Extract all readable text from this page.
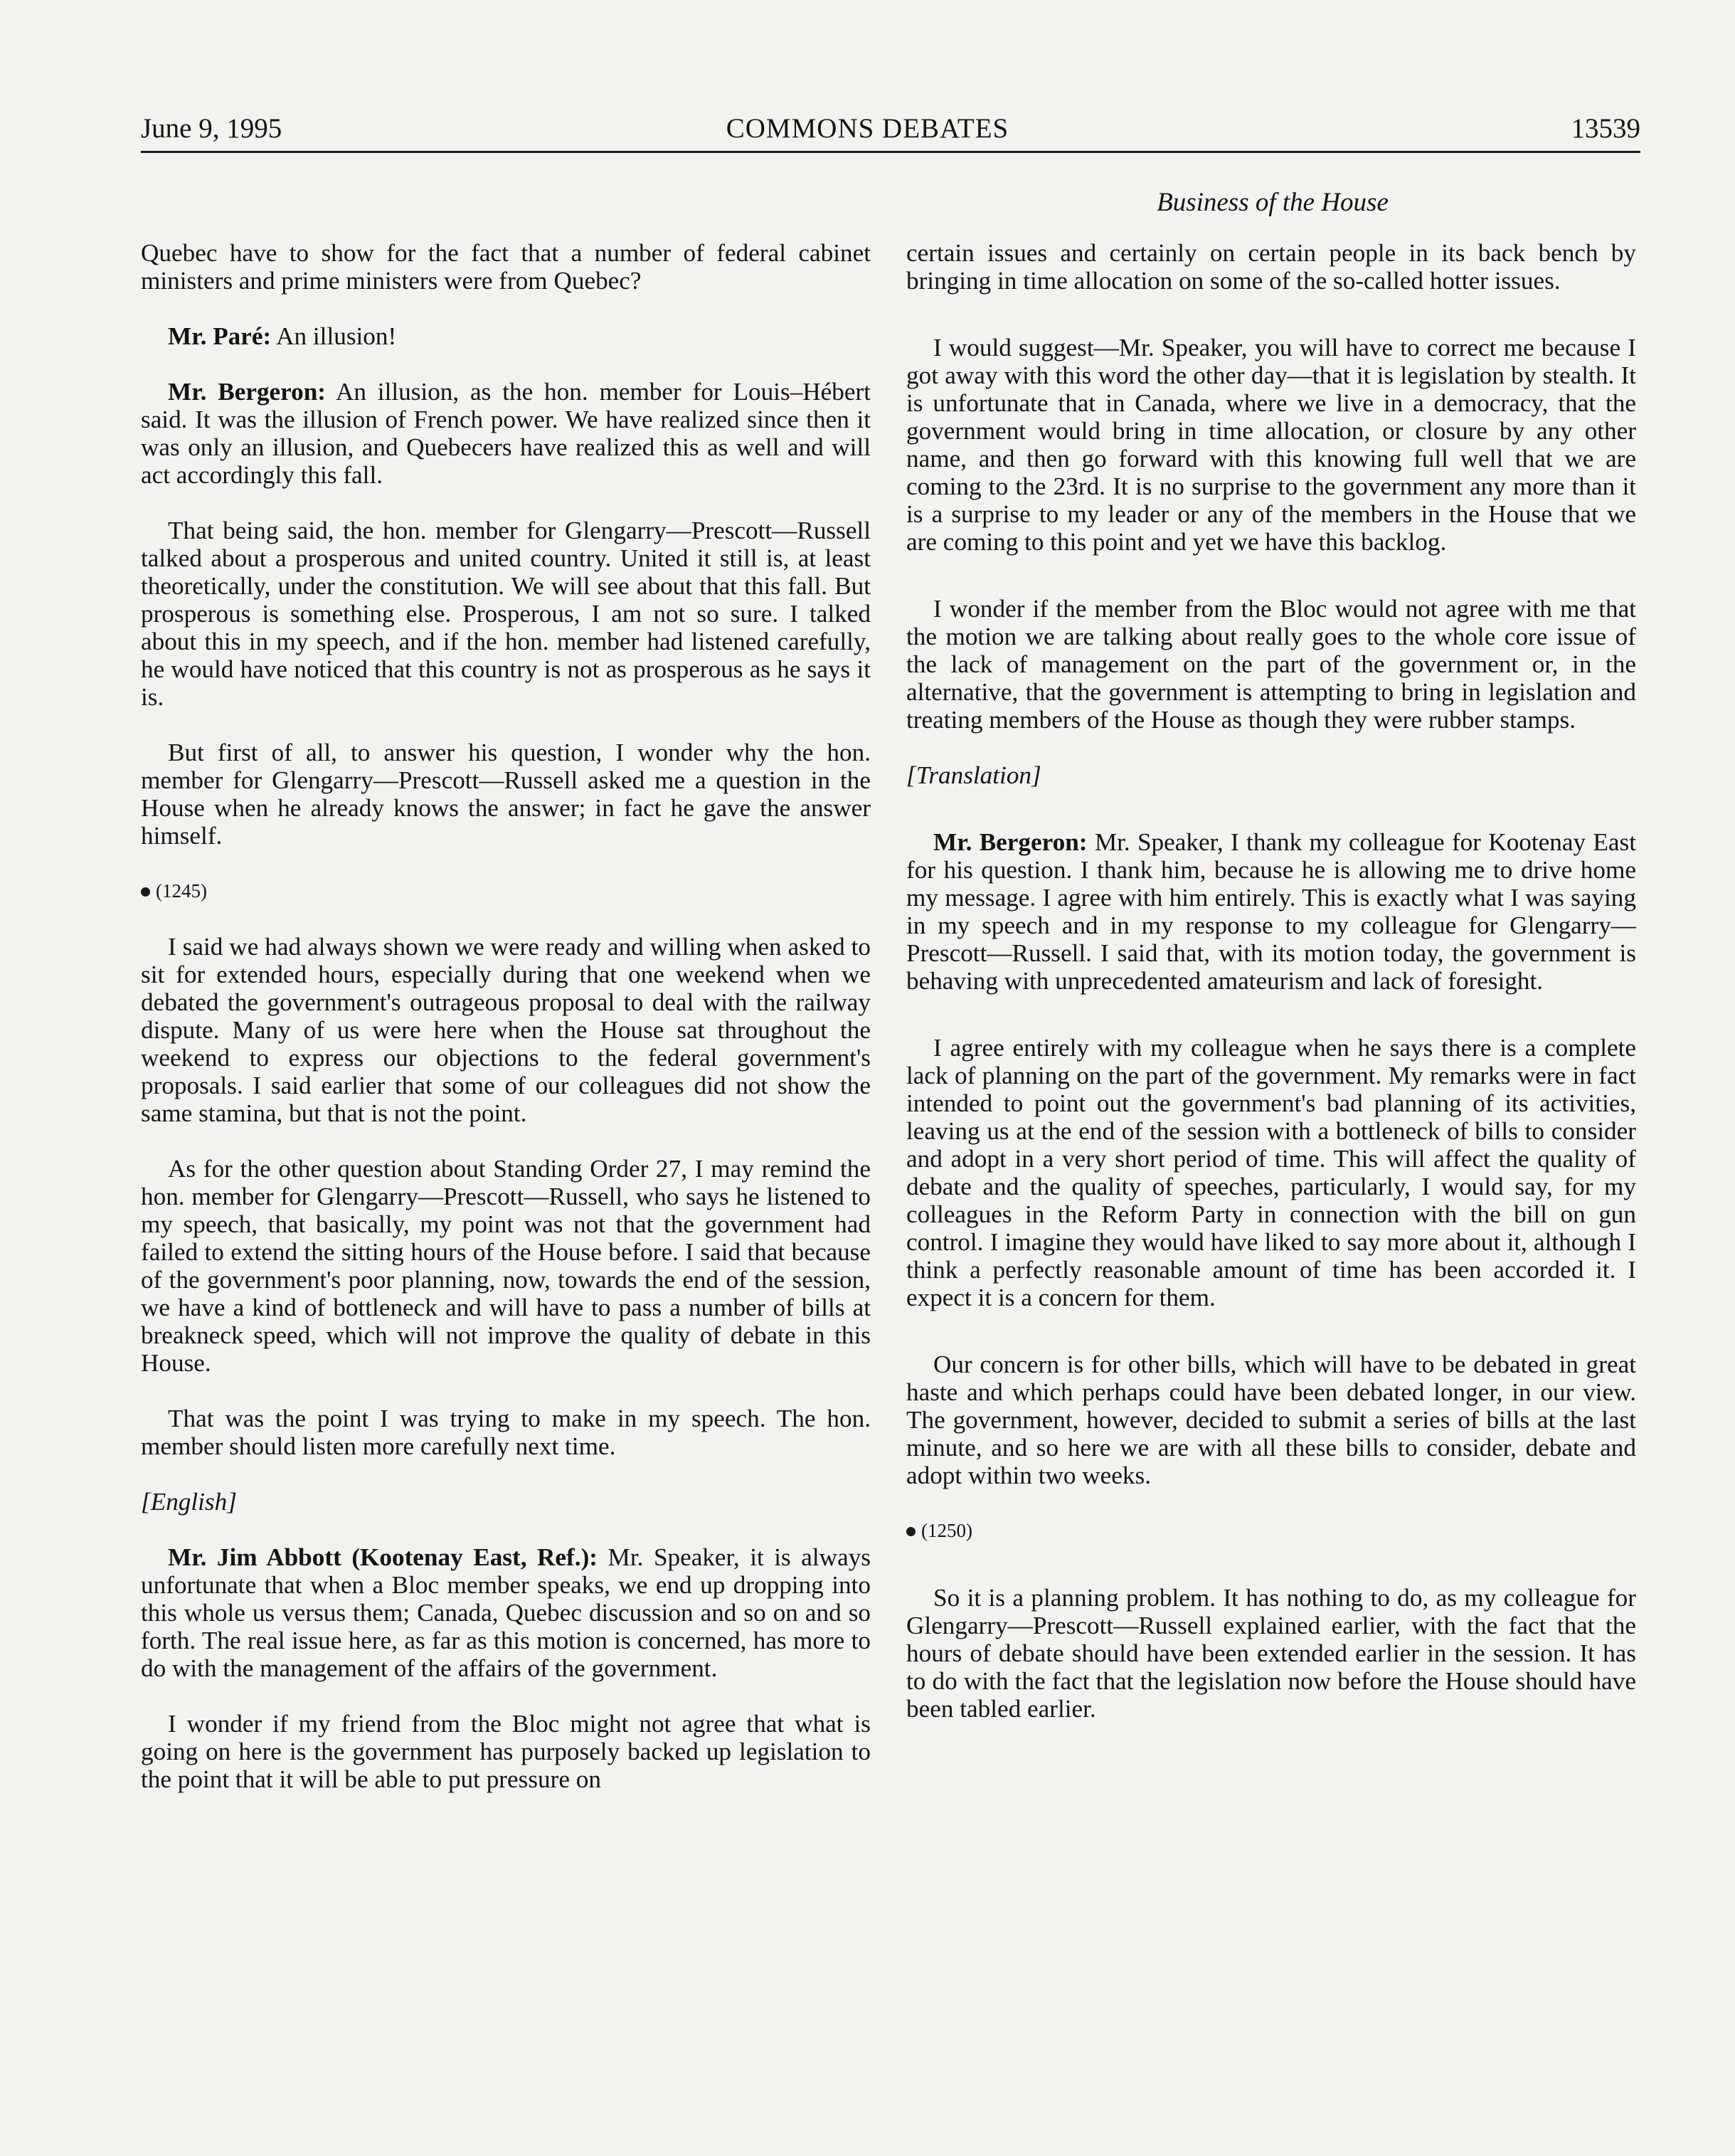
June 9, 1995	COMMONS DEBATES	13539
Business of the House

Quebec have to show for the fact that a number of federal cabinet ministers and prime ministers were from Quebec?

Mr. Paré: An illusion!

Mr. Bergeron: An illusion, as the hon. member for Louis–Hébert said. It was the illusion of French power. We have realized since then it was only an illusion, and Quebecers have realized this as well and will act accordingly this fall.

That being said, the hon. member for Glengarry—Prescott—Russell talked about a prosperous and united country. United it still is, at least theoretically, under the constitution. We will see about that this fall. But prosperous is something else. Prosperous, I am not so sure. I talked about this in my speech, and if the hon. member had listened carefully, he would have noticed that this country is not as prosperous as he says it is.

But first of all, to answer his question, I wonder why the hon. member for Glengarry—Prescott—Russell asked me a question in the House when he already knows the answer; in fact he gave the answer himself.

(1245)

I said we had always shown we were ready and willing when asked to sit for extended hours, especially during that one weekend when we debated the government's outrageous proposal to deal with the railway dispute. Many of us were here when the House sat throughout the weekend to express our objections to the federal government's proposals. I said earlier that some of our colleagues did not show the same stamina, but that is not the point.

As for the other question about Standing Order 27, I may remind the hon. member for Glengarry—Prescott—Russell, who says he listened to my speech, that basically, my point was not that the government had failed to extend the sitting hours of the House before. I said that because of the government's poor planning, now, towards the end of the session, we have a kind of bottleneck and will have to pass a number of bills at breakneck speed, which will not improve the quality of debate in this House.

That was the point I was trying to make in my speech. The hon. member should listen more carefully next time.

[English]

Mr. Jim Abbott (Kootenay East, Ref.): Mr. Speaker, it is always unfortunate that when a Bloc member speaks, we end up dropping into this whole us versus them; Canada, Quebec discussion and so on and so forth. The real issue here, as far as this motion is concerned, has more to do with the management of the affairs of the government.

I wonder if my friend from the Bloc might not agree that what is going on here is the government has purposely backed up legislation to the point that it will be able to put pressure on

certain issues and certainly on certain people in its back bench by bringing in time allocation on some of the so-called hotter issues.

I would suggest—Mr. Speaker, you will have to correct me because I got away with this word the other day—that it is legislation by stealth. It is unfortunate that in Canada, where we live in a democracy, that the government would bring in time allocation, or closure by any other name, and then go forward with this knowing full well that we are coming to the 23rd. It is no surprise to the government any more than it is a surprise to my leader or any of the members in the House that we are coming to this point and yet we have this backlog.

I wonder if the member from the Bloc would not agree with me that the motion we are talking about really goes to the whole core issue of the lack of management on the part of the government or, in the alternative, that the government is attempting to bring in legislation and treating members of the House as though they were rubber stamps.

[Translation]

Mr. Bergeron: Mr. Speaker, I thank my colleague for Kootenay East for his question. I thank him, because he is allowing me to drive home my message. I agree with him entirely. This is exactly what I was saying in my speech and in my response to my colleague for Glengarry—Prescott—Russell. I said that, with its motion today, the government is behaving with unprecedented amateurism and lack of foresight.

I agree entirely with my colleague when he says there is a complete lack of planning on the part of the government. My remarks were in fact intended to point out the government's bad planning of its activities, leaving us at the end of the session with a bottleneck of bills to consider and adopt in a very short period of time. This will affect the quality of debate and the quality of speeches, particularly, I would say, for my colleagues in the Reform Party in connection with the bill on gun control. I imagine they would have liked to say more about it, although I think a perfectly reasonable amount of time has been accorded it. I expect it is a concern for them.

Our concern is for other bills, which will have to be debated in great haste and which perhaps could have been debated longer, in our view. The government, however, decided to submit a series of bills at the last minute, and so here we are with all these bills to consider, debate and adopt within two weeks.

(1250)

So it is a planning problem. It has nothing to do, as my colleague for Glengarry—Prescott—Russell explained earlier, with the fact that the hours of debate should have been extended earlier in the session. It has to do with the fact that the legislation now before the House should have been tabled earlier.
